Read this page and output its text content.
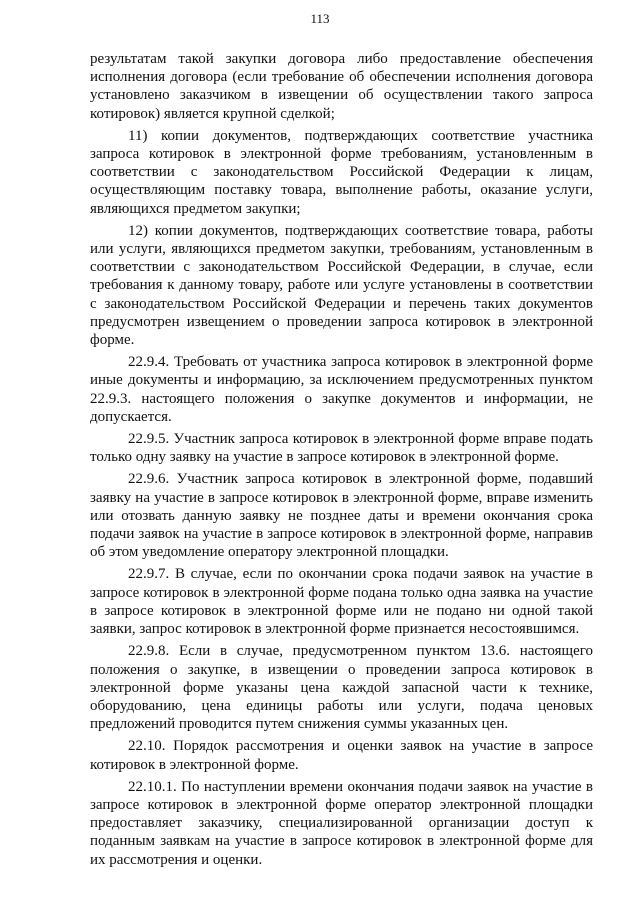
113

результатам такой закупки договора либо предоставление обеспечения исполнения договора (если требование об обеспечении исполнения договора установлено заказчиком в извещении об осуществлении такого запроса котировок) является крупной сделкой;

11) копии документов, подтверждающих соответствие участника запроса котировок в электронной форме требованиям, установленным в соответствии с законодательством Российской Федерации к лицам, осуществляющим поставку товара, выполнение работы, оказание услуги, являющихся предметом закупки;

12) копии документов, подтверждающих соответствие товара, работы или услуги, являющихся предметом закупки, требованиям, установленным в соответствии с законодательством Российской Федерации, в случае, если требования к данному товару, работе или услуге установлены в соответствии с законодательством Российской Федерации и перечень таких документов предусмотрен извещением о проведении запроса котировок в электронной форме.

22.9.4. Требовать от участника запроса котировок в электронной форме иные документы и информацию, за исключением предусмотренных пунктом 22.9.3. настоящего положения о закупке документов и информации, не допускается.

22.9.5. Участник запроса котировок в электронной форме вправе подать только одну заявку на участие в запросе котировок в электронной форме.

22.9.6. Участник запроса котировок в электронной форме, подавший заявку на участие в запросе котировок в электронной форме, вправе изменить или отозвать данную заявку не позднее даты и времени окончания срока подачи заявок на участие в запросе котировок в электронной форме, направив об этом уведомление оператору электронной площадки.

22.9.7. В случае, если по окончании срока подачи заявок на участие в запросе котировок в электронной форме подана только одна заявка на участие в запросе котировок в электронной форме или не подано ни одной такой заявки, запрос котировок в электронной форме признается несостоявшимся.

22.9.8. Если в случае, предусмотренном пунктом 13.6. настоящего положения о закупке, в извещении о проведении запроса котировок в электронной форме указаны цена каждой запасной части к технике, оборудованию, цена единицы работы или услуги, подача ценовых предложений проводится путем снижения суммы указанных цен.

22.10. Порядок рассмотрения и оценки заявок на участие в запросе котировок в электронной форме.

22.10.1. По наступлении времени окончания подачи заявок на участие в запросе котировок в электронной форме оператор электронной площадки предоставляет заказчику, специализированной организации доступ к поданным заявкам на участие в запросе котировок в электронной форме для их рассмотрения и оценки.
